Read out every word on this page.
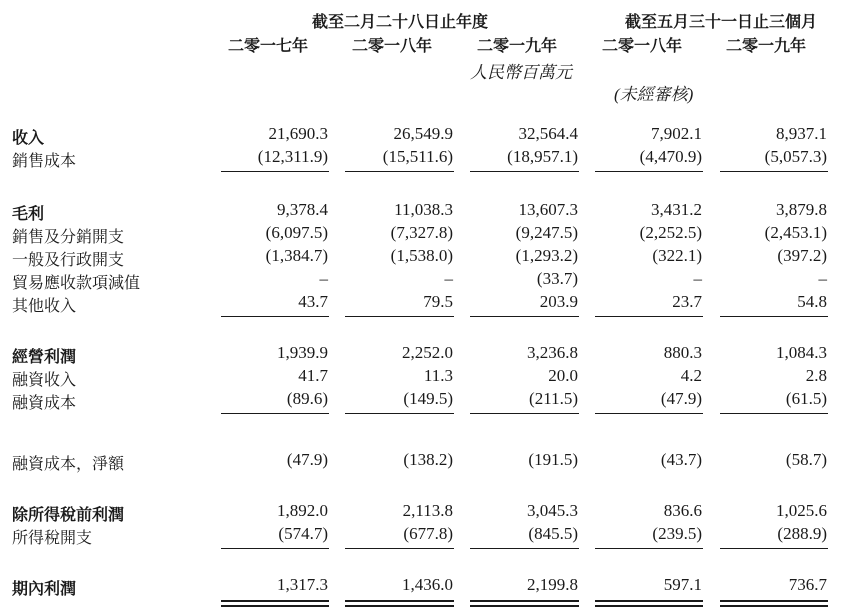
截至二月二十八日止年度	截至五月三十一日止三個月
二零一七年	二零一八年	二零一九年	二零一八年	二零一九年
人民幣百萬元
(未經審核)
收入	21,690.3	26,549.9	32,564.4	7,902.1	8,937.1
銷售成本	(12,311.9)	(15,511.6)	(18,957.1)	(4,470.9)	(5,057.3)
毛利	9,378.4	11,038.3	13,607.3	3,431.2	3,879.8
銷售及分銷開支	(6,097.5)	(7,327.8)	(9,247.5)	(2,252.5)	(2,453.1)
一般及行政開支	(1,384.7)	(1,538.0)	(1,293.2)	(322.1)	(397.2)
貿易應收款項減值	–	–	(33.7)	–	–
其他收入	43.7	79.5	203.9	23.7	54.8
經營利潤	1,939.9	2,252.0	3,236.8	880.3	1,084.3
融資收入	41.7	11.3	20.0	4.2	2.8
融資成本	(89.6)	(149.5)	(211.5)	(47.9)	(61.5)
融資成本，淨額	(47.9)	(138.2)	(191.5)	(43.7)	(58.7)
除所得稅前利潤	1,892.0	2,113.8	3,045.3	836.6	1,025.6
所得稅開支	(574.7)	(677.8)	(845.5)	(239.5)	(288.9)
期內利潤	1,317.3	1,436.0	2,199.8	597.1	736.7
